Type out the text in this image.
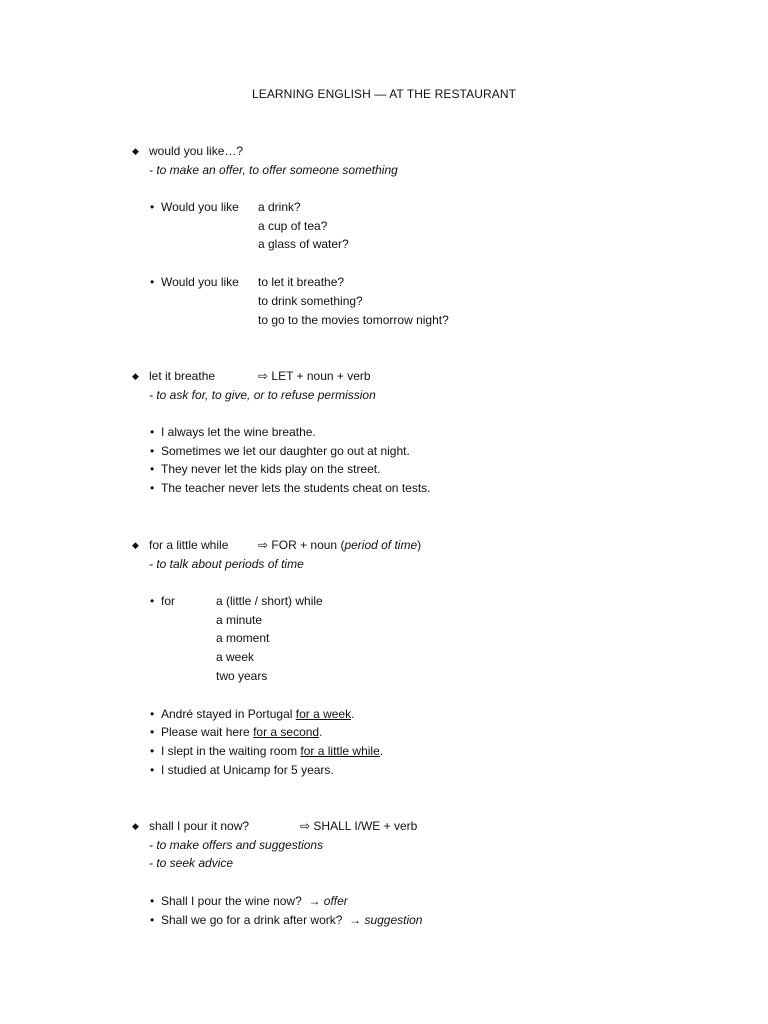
LEARNING ENGLISH — AT THE RESTAURANT
◆ would you like…?
- to make an offer, to offer someone something
• Would you like a drink?
a cup of tea?
a glass of water?
• Would you like to let it breathe?
to drink something?
to go to the movies tomorrow night?
◆ let it breathe	⇨ LET + noun + verb
- to ask for, to give, or to refuse permission
• I always let the wine breathe.
• Sometimes we let our daughter go out at night.
• They never let the kids play on the street.
• The teacher never lets the students cheat on tests.
◆ for a little while ⇨ FOR + noun (period of time)
- to talk about periods of time
• for	a (little / short) while
a minute
a moment
a week
two years
• André stayed in Portugal for a week.
• Please wait here for a second.
• I slept in the waiting room for a little while.
• I studied at Unicamp for 5 years.
◆ shall I pour it now?	⇨ SHALL I/WE + verb
- to make offers and suggestions
- to seek advice
• Shall I pour the wine now? → offer
• Shall we go for a drink after work? → suggestion
